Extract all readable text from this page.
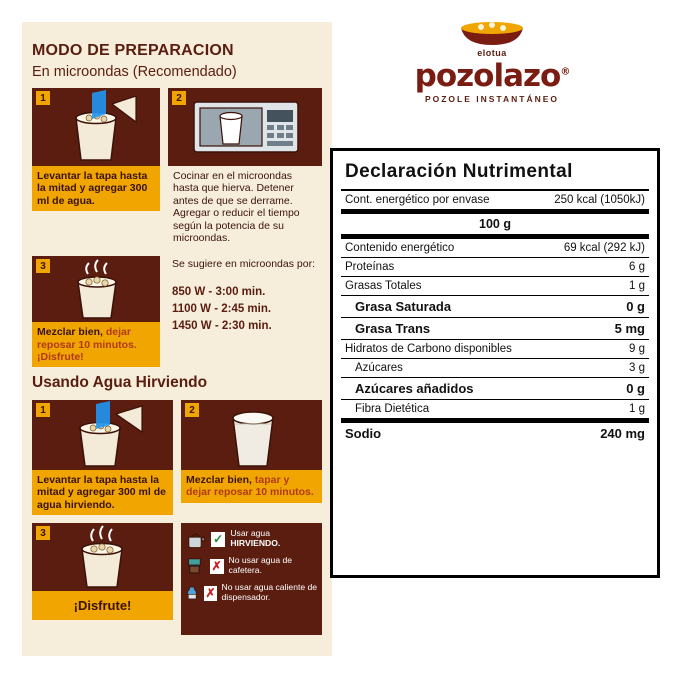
MODO DE PREPARACION
En microondas (Recomendado)
1
Levantar la tapa hasta la mitad y agregar 300 ml de agua.
2
Cocinar en el microondas hasta que hierva. Detener antes de que se derrame. Agregar o reducir el tiempo según la potencia de su microondas.
3
Mezclar bien, dejar reposar 10 minutos. ¡Disfrute!
Se sugiere en microondas por:
850 W - 3:00 min.
1100 W - 2:45 min.
1450 W - 2:30 min.
Usando Agua Hirviendo
1
Levantar la tapa hasta la mitad y agregar 300 ml de agua hirviendo.
2
Mezclar bien, tapar y dejar reposar 10 minutos.
3
¡Disfrute!
✓ Usar agua HIRVIENDO.
✗ No usar agua de cafetera.
✗ No usar agua caliente de dispensador.
elotua
pozolazo®
POZOLE INSTANTÁNEO
Declaración Nutrimental
Cont. energético por envase	250 kcal (1050kJ)
100 g
Contenido energético	69 kcal (292 kJ)
Proteínas	6 g
Grasas Totales	1 g
Grasa Saturada	0 g
Grasa Trans	5 mg
Hidratos de Carbono disponibles	9 g
Azúcares	3 g
Azúcares añadidos	0 g
Fibra Dietética	1 g
Sodio	240 mg
